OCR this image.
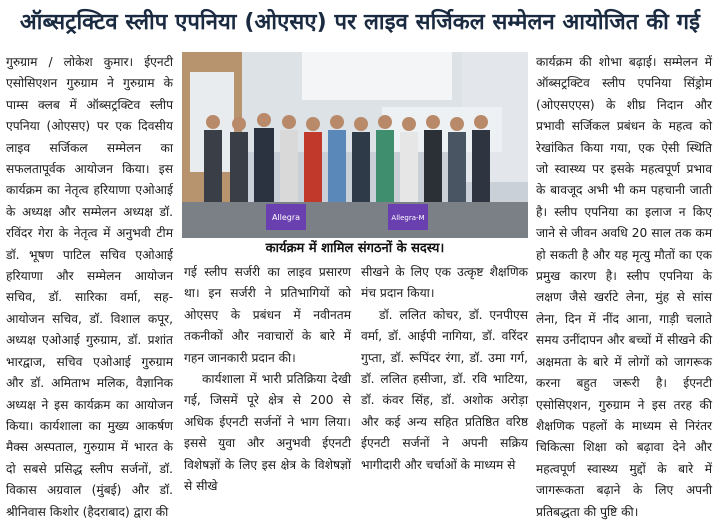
ऑब्सट्रक्टिव स्लीप एपनिया (ओएसए) पर लाइव सर्जिकल सम्मेलन आयोजित की गई

गुरुग्राम / लोकेश कुमार। ईएनटी एसोसिएशन गुरुग्राम ने गुरुग्राम के पाम्स क्लब में ऑब्सट्रक्टिव स्लीप एपनिया (ओएसए) पर एक दिवसीय लाइव सर्जिकल सम्मेलन का सफलतापूर्वक आयोजन किया। इस कार्यक्रम का नेतृत्व हरियाणा एओआई के अध्यक्ष और सम्मेलन अध्यक्ष डॉ. रविंदर गेरा के नेतृत्व में अनुभवी टीम डॉ. भूषण पाटिल सचिव एओआई हरियाणा और सम्मेलन आयोजन सचिव, डॉ. सारिका वर्मा, सह-आयोजन सचिव, डॉ. विशाल कपूर, अध्यक्ष एओआई गुरुग्राम, डॉ. प्रशांत भारद्वाज, सचिव एओआई गुरुग्राम और डॉ. अमिताभ मलिक, वैज्ञानिक अध्यक्ष ने इस कार्यक्रम का आयोजन किया। कार्यशाला का मुख्य आकर्षण मैक्स अस्पताल, गुरुग्राम में भारत के दो सबसे प्रसिद्ध स्लीप सर्जनों, डॉ. विकास अग्रवाल (मुंबई) और डॉ. श्रीनिवास किशोर (हैदराबाद) द्वारा की

Allegra	Allegra-M
कार्यक्रम में शामिल संगठनों के सदस्य।

गई स्लीप सर्जरी का लाइव प्रसारण था। इन सर्जरी ने प्रतिभागियों को ओएसए के प्रबंधन में नवीनतम तकनीकों और नवाचारों के बारे में गहन जानकारी प्रदान की।

कार्यशाला में भारी प्रतिक्रिया देखी गई, जिसमें पूरे क्षेत्र से 200 से अधिक ईएनटी सर्जनों ने भाग लिया। इससे युवा और अनुभवी ईएनटी विशेषज्ञों के लिए इस क्षेत्र के विशेषज्ञों से सीखे

सीखने के लिए एक उत्कृष्ट शैक्षणिक मंच प्रदान किया।

डॉ. ललित कोचर, डॉ. एनपीएस वर्मा, डॉ. आईपी नागिया, डॉ. वरिंदर गुप्ता, डॉ. रूपिंदर रंगा, डॉ. उमा गर्ग, डॉ. ललित हसीजा, डॉ. रवि भाटिया, डॉ. कंवर सिंह, डॉ. अशोक अरोड़ा और कई अन्य सहित प्रतिष्ठित वरिष्ठ ईएनटी सर्जनों ने अपनी सक्रिय भागीदारी और चर्चाओं के माध्यम से

कार्यक्रम की शोभा बढ़ाई। सम्मेलन में ऑब्सट्रक्टिव स्लीप एपनिया सिंड्रोम (ओएसएएस) के शीघ्र निदान और प्रभावी सर्जिकल प्रबंधन के महत्व को रेखांकित किया गया, एक ऐसी स्थिति जो स्वास्थ्य पर इसके महत्वपूर्ण प्रभाव के बावजूद अभी भी कम पहचानी जाती है। स्लीप एपनिया का इलाज न किए जाने से जीवन अवधि 20 साल तक कम हो सकती है और यह मृत्यु मौतों का एक प्रमुख कारण है। स्लीप एपनिया के लक्षण जैसे खर्राटे लेना, मुंह से सांस लेना, दिन में नींद आना, गाड़ी चलाते समय उनींदापन और बच्चों में सीखने की अक्षमता के बारे में लोगों को जागरूक करना बहुत जरूरी है। ईएनटी एसोसिएशन, गुरुग्राम ने इस तरह की शैक्षणिक पहलों के माध्यम से निरंतर चिकित्सा शिक्षा को बढ़ावा देने और महत्वपूर्ण स्वास्थ्य मुद्दों के बारे में जागरूकता बढ़ाने के लिए अपनी प्रतिबद्धता की पुष्टि की।
